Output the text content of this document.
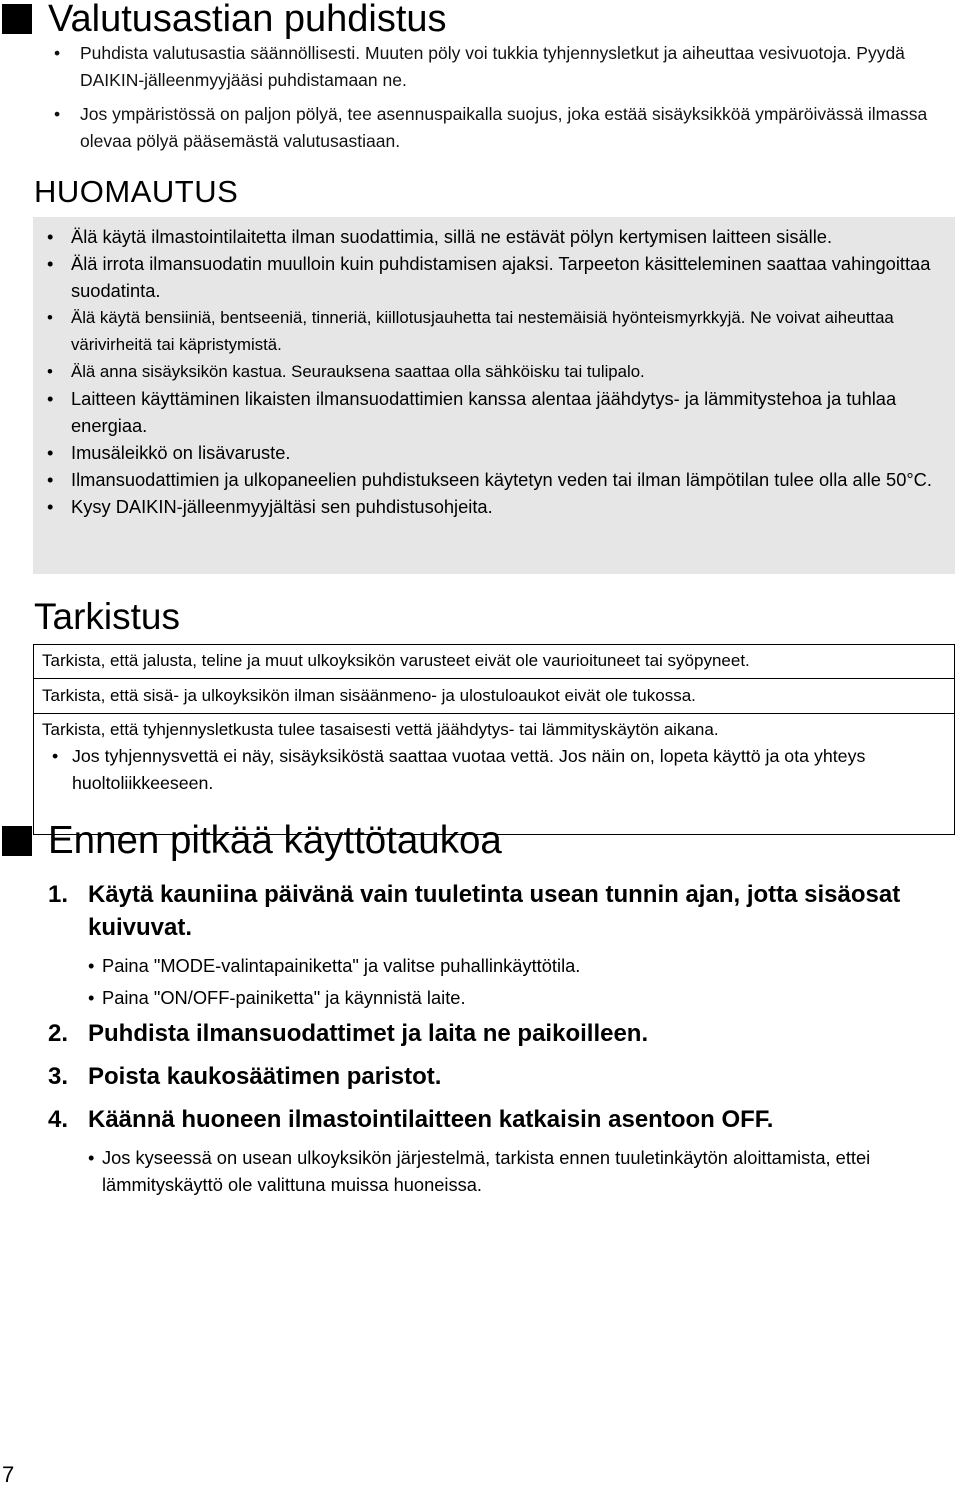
Valutusastian puhdistus
• Puhdista valutusastia säännöllisesti. Muuten pöly voi tukkia tyhjennysletkut ja aiheuttaa vesivuotoja. Pyydä DAIKIN-jälleenmyyjääsi puhdistamaan ne.
• Jos ympäristössä on paljon pölyä, tee asennuspaikalla suojus, joka estää sisäyksikköä ympäröivässä ilmassa olevaa pölyä pääsemästä valutusastiaan.
HUOMAUTUS
• Älä käytä ilmastointilaitetta ilman suodattimia, sillä ne estävät pölyn kertymisen laitteen sisälle.
• Älä irrota ilmansuodatin muulloin kuin puhdistamisen ajaksi. Tarpeeton käsitteleminen saattaa vahingoittaa suodatinta.
• Älä käytä bensiiniä, bentseeniä, tinneriä, kiillotusjauhetta tai nestemäisiä hyönteismyrkkyjä. Ne voivat aiheuttaa värivirheitä tai käpristymistä.
• Älä anna sisäyksikön kastua. Seurauksena saattaa olla sähköisku tai tulipalo.
• Laitteen käyttäminen likaisten ilmansuodattimien kanssa alentaa jäähdytys- ja lämmitystehoa ja tuhlaa energiaa.
• Imusäleikkö on lisävaruste.
• Ilmansuodattimien ja ulkopaneelien puhdistukseen käytetyn veden tai ilman lämpötilan tulee olla alle 50°C.
• Kysy DAIKIN-jälleenmyyjältäsi sen puhdistusohjeita.
Tarkistus
Tarkista, että jalusta, teline ja muut ulkoyksikön varusteet eivät ole vaurioituneet tai syöpyneet.
Tarkista, että sisä- ja ulkoyksikön ilman sisäänmeno- ja ulostuloaukot eivät ole tukossa.

Tarkista, että tyhjennysletkusta tulee tasaisesti vettä jäähdytys- tai lämmityskäytön aikana.
• Jos tyhjennysvettä ei näy, sisäyksiköstä saattaa vuotaa vettä. Jos näin on, lopeta käyttö ja ota yhteys huoltoliikkeeseen.
Ennen pitkää käyttötaukoa
1. Käytä kauniina päivänä vain tuuletinta usean tunnin ajan, jotta sisäosat kuivuvat.
• Paina "MODE-valintapainiketta" ja valitse puhallinkäyttötila.
• Paina "ON/OFF-painiketta" ja käynnistä laite.
2. Puhdista ilmansuodattimet ja laita ne paikoilleen.
3. Poista kaukosäätimen paristot.
4. Käännä huoneen ilmastointilaitteen katkaisin asentoon OFF.
• Jos kyseessä on usean ulkoyksikön järjestelmä, tarkista ennen tuuletinkäytön aloittamista, ettei lämmityskäyttö ole valittuna muissa huoneissa.
7
